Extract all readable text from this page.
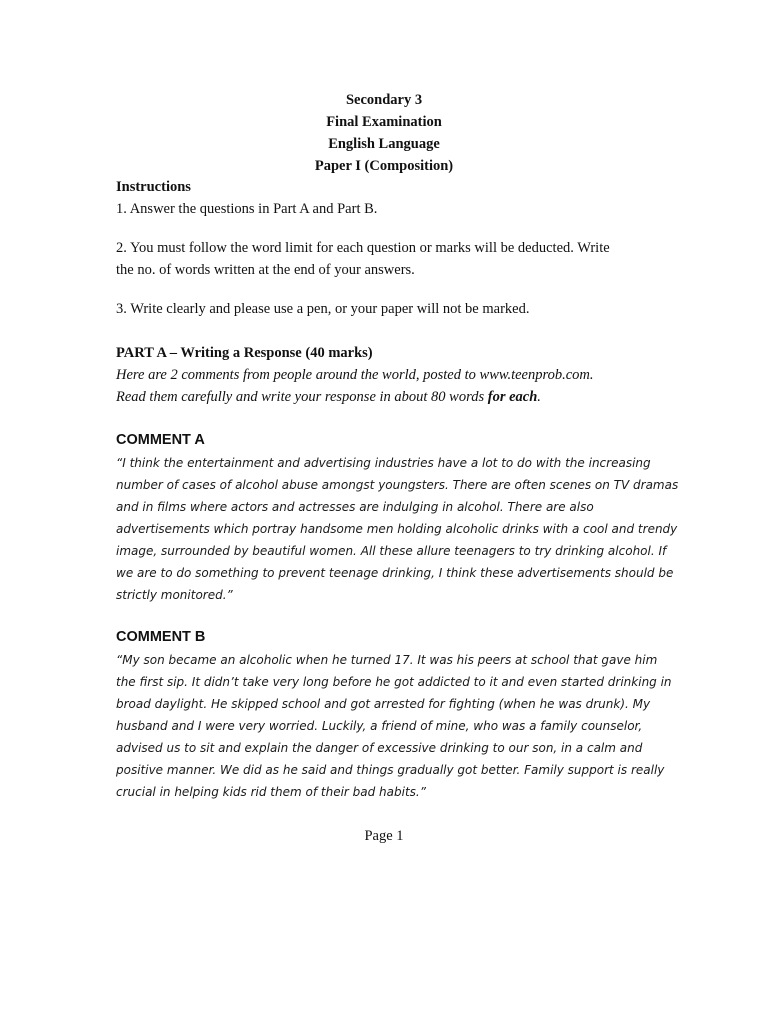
Secondary 3
Final Examination
English Language
Paper I (Composition)
Instructions
1. Answer the questions in Part A and Part B.
2. You must follow the word limit for each question or marks will be deducted. Write
the no. of words written at the end of your answers.
3. Write clearly and please use a pen, or your paper will not be marked.
PART A – Writing a Response (40 marks)
Here are 2 comments from people around the world, posted to www.teenprob.com.
Read them carefully and write your response in about 80 words for each.
COMMENT A
“I think the entertainment and advertising industries have a lot to do with the increasing
number of cases of alcohol abuse amongst youngsters. There are often scenes on TV dramas
and in films where actors and actresses are indulging in alcohol. There are also
advertisements which portray handsome men holding alcoholic drinks with a cool and trendy
image, surrounded by beautiful women. All these allure teenagers to try drinking alcohol. If
we are to do something to prevent teenage drinking, I think these advertisements should be
strictly monitored.”
COMMENT B
“My son became an alcoholic when he turned 17. It was his peers at school that gave him
the first sip. It didn’t take very long before he got addicted to it and even started drinking in
broad daylight. He skipped school and got arrested for fighting (when he was drunk). My
husband and I were very worried. Luckily, a friend of mine, who was a family counselor,
advised us to sit and explain the danger of excessive drinking to our son, in a calm and
positive manner. We did as he said and things gradually got better. Family support is really
crucial in helping kids rid them of their bad habits.”
Page 1
